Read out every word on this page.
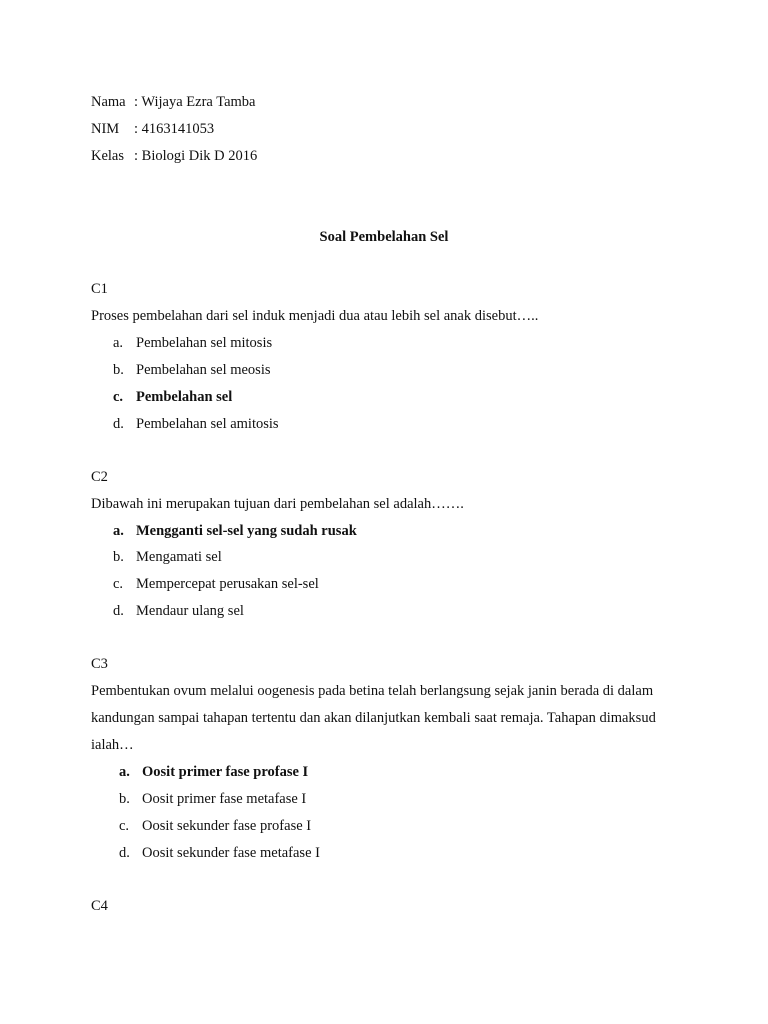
Nama : Wijaya Ezra Tamba
NIM : 4163141053
Kelas : Biologi Dik D 2016
Soal Pembelahan Sel
C1
Proses pembelahan dari sel induk menjadi dua atau lebih sel anak disebut…..
a. Pembelahan sel mitosis
b. Pembelahan sel meosis
c. Pembelahan sel
d. Pembelahan sel amitosis
C2
Dibawah ini merupakan tujuan dari pembelahan sel adalah…….
a. Mengganti sel-sel yang sudah rusak
b. Mengamati sel
c. Mempercepat perusakan sel-sel
d. Mendaur ulang sel
C3
Pembentukan ovum melalui oogenesis pada betina telah berlangsung sejak janin berada di dalam
kandungan sampai tahapan tertentu dan akan dilanjutkan kembali saat remaja. Tahapan dimaksud
ialah…
a. Oosit primer fase profase I
b. Oosit primer fase metafase I
c. Oosit sekunder fase profase I
d. Oosit sekunder fase metafase I
C4
